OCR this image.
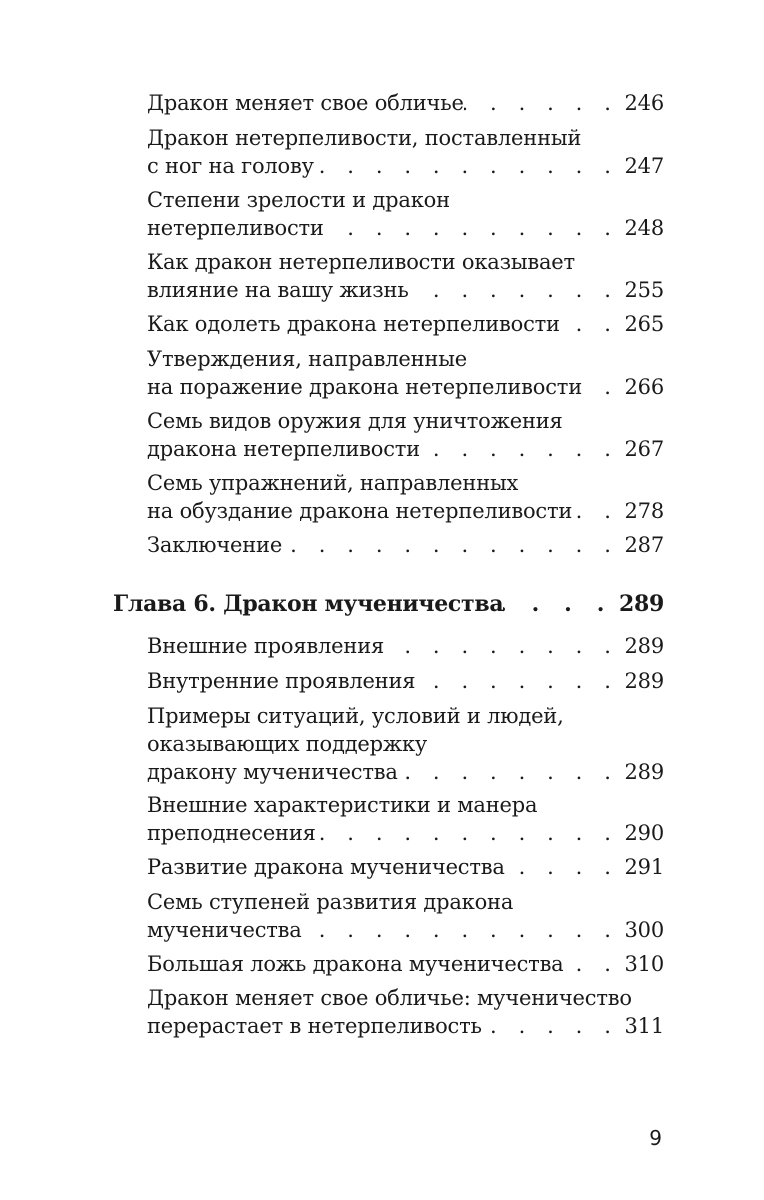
Дракон меняет свое обличье . . .	246
Дракон нетерпеливости, поставленный
с ног на голову . . .	247
Степени зрелости и дракон
нетерпеливости . . .	248
Как дракон нетерпеливости оказывает
влияние на вашу жизнь . . .	255
Как одолеть дракона нетерпеливости . . .	265
Утверждения, направленные
на поражение дракона нетерпеливости . . . 266
Семь видов оружия для уничтожения
дракона нетерпеливости . . .	267
Семь упражнений, направленных
на обуздание дракона нетерпеливости . . . 278
Заключение . . .	287
Глава 6. Дракон мученичества . . .	289
Внешние проявления . . .	289
Внутренние проявления . . .	289
Примеры ситуаций, условий и людей,
оказывающих поддержку
дракону мученичества . . .	289
Внешние характеристики и манера
преподнесения . . .	290
Развитие дракона мученичества . . .	291
Семь ступеней развития дракона
мученичества . . .	300
Большая ложь дракона мученичества . . .	310
Дракон меняет свое обличье: мученичество
перерастает в нетерпеливость . . .	311
9
